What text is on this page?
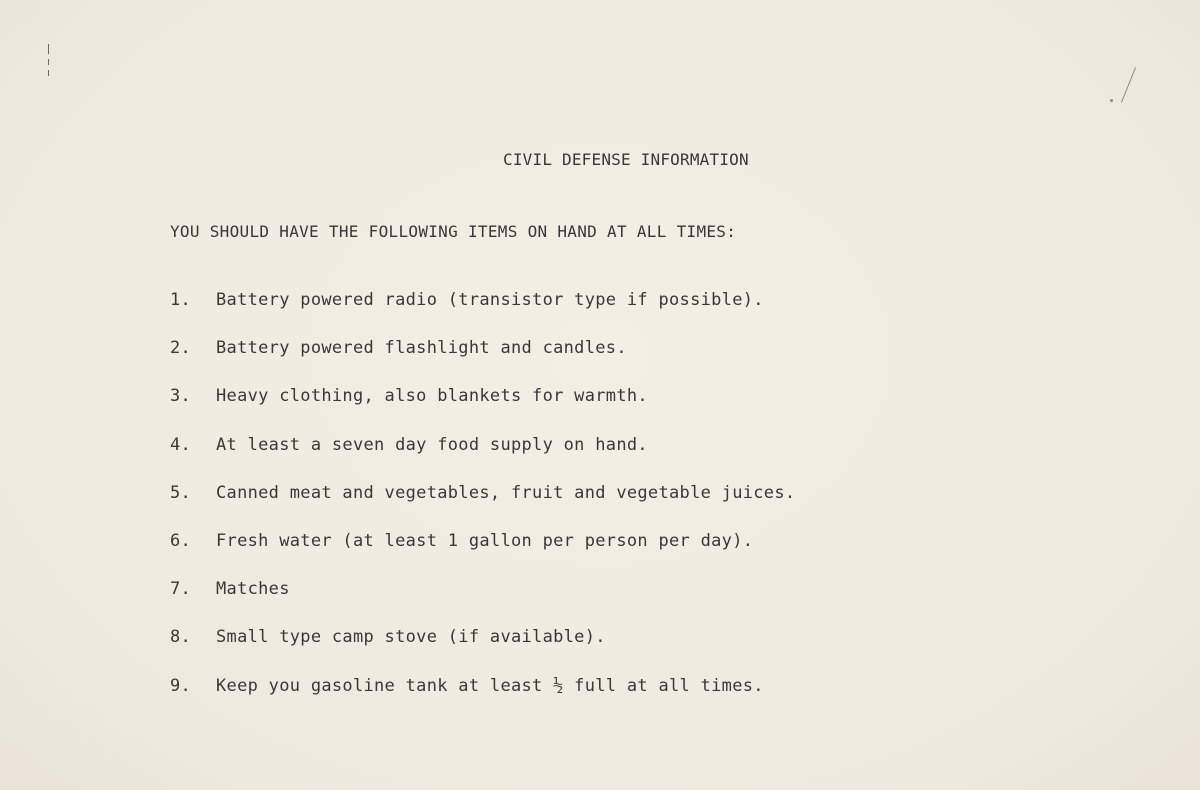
CIVIL DEFENSE INFORMATION
YOU SHOULD HAVE THE FOLLOWING ITEMS ON HAND AT ALL TIMES:
1.	Battery powered radio (transistor type if possible).
2.	Battery powered flashlight and candles.
3.	Heavy clothing, also blankets for warmth.
4.	At least a seven day food supply on hand.
5.	Canned meat and vegetables, fruit and vegetable juices.
6.	Fresh water (at least 1 gallon per person per day).
7.	Matches
8.	Small type camp stove (if available).
9.	Keep you gasoline tank at least ½ full at all times.
